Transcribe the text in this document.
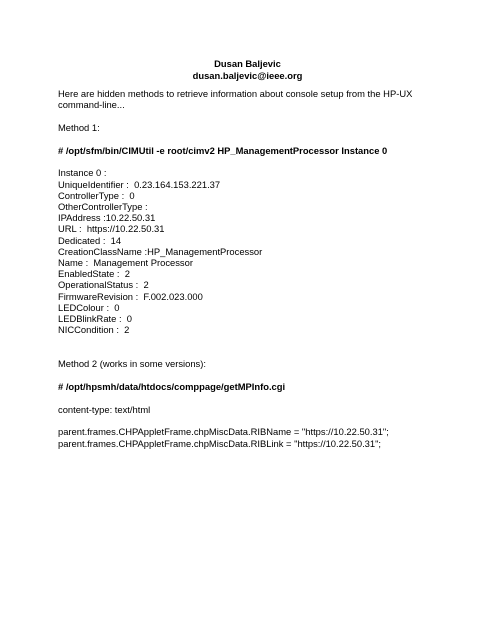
Dusan Baljevic
dusan.baljevic@ieee.org

Here are hidden methods to retrieve information about console setup from the HP-UX
command-line...

Method 1:

# /opt/sfm/bin/CIMUtil -e root/cimv2 HP_ManagementProcessor Instance 0

Instance 0 :
UniqueIdentifier :  0.23.164.153.221.37
ControllerType :  0
OtherControllerType :
IPAddress :10.22.50.31
URL :  https://10.22.50.31
Dedicated :  14
CreationClassName :HP_ManagementProcessor
Name :  Management Processor
EnabledState :  2
OperationalStatus :  2
FirmwareRevision :  F.002.023.000
LEDColour :  0
LEDBlinkRate :  0
NICCondition :  2

Method 2 (works in some versions):

# /opt/hpsmh/data/htdocs/comppage/getMPInfo.cgi

content-type: text/html

parent.frames.CHPAppletFrame.chpMiscData.RIBName = "https://10.22.50.31";
parent.frames.CHPAppletFrame.chpMiscData.RIBLink = "https://10.22.50.31";
